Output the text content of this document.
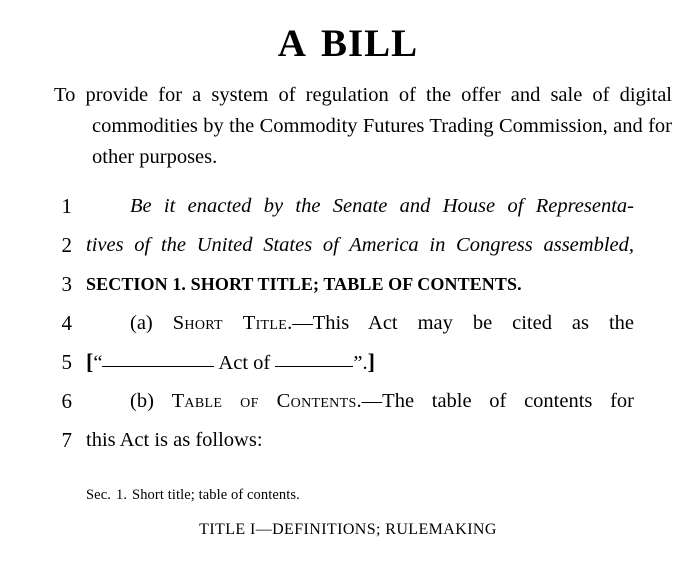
A BILL
To provide for a system of regulation of the offer and sale of digital commodities by the Commodity Futures Trading Commission, and for other purposes.
1	Be it enacted by the Senate and House of Representa-
2 tives of the United States of America in Congress assembled,
3 SECTION 1. SHORT TITLE; TABLE OF CONTENTS.
4	(a) Short Title.—This Act may be cited as the
5 [“	Act of	”.]
6	(b) Table of Contents.—The table of contents for
7 this Act is as follows:
Sec. 1. Short title; table of contents.
TITLE I—DEFINITIONS; RULEMAKING
